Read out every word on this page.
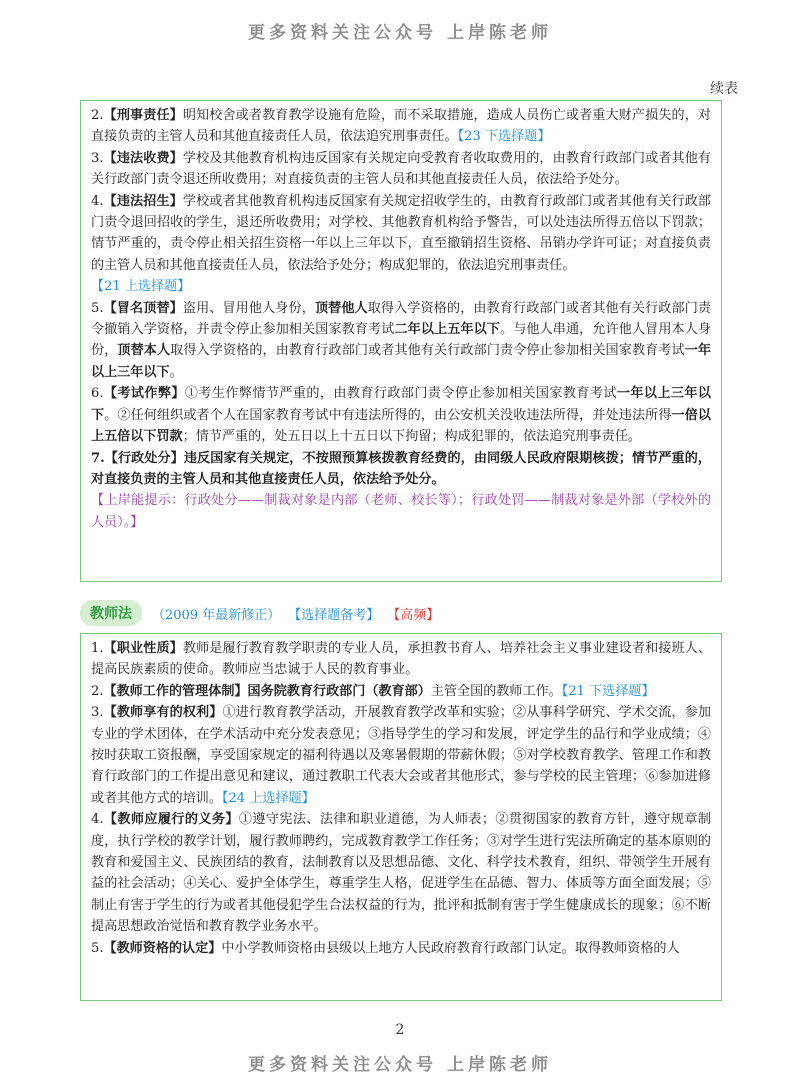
更多资料关注公众号 上岸陈老师
续表

2.【刑事责任】明知校舍或者教育教学设施有危险，而不采取措施，造成人员伤亡或者重大财产损失的，对直接负责的主管人员和其他直接责任人员，依法追究刑事责任。【23 下选择题】

3.【违法收费】学校及其他教育机构违反国家有关规定向受教育者收取费用的，由教育行政部门或者其他有关行政部门责令退还所收费用；对直接负责的主管人员和其他直接责任人员，依法给予处分。

4.【违法招生】学校或者其他教育机构违反国家有关规定招收学生的，由教育行政部门或者其他有关行政部门责令退回招收的学生，退还所收费用；对学校、其他教育机构给予警告，可以处违法所得五倍以下罚款；情节严重的，责令停止相关招生资格一年以上三年以下，直至撤销招生资格、吊销办学许可证；对直接负责的主管人员和其他直接责任人员，依法给予处分；构成犯罪的，依法追究刑事责任。
【21 上选择题】

5.【冒名顶替】盗用、冒用他人身份，顶替他人取得入学资格的，由教育行政部门或者其他有关行政部门责令撤销入学资格，并责令停止参加相关国家教育考试二年以上五年以下。与他人串通，允许他人冒用本人身份，顶替本人取得入学资格的，由教育行政部门或者其他有关行政部门责令停止参加相关国家教育考试一年以上三年以下。

6.【考试作弊】①考生作弊情节严重的，由教育行政部门责令停止参加相关国家教育考试一年以上三年以下。②任何组织或者个人在国家教育考试中有违法所得的，由公安机关没收违法所得，并处违法所得一倍以上五倍以下罚款；情节严重的，处五日以上十五日以下拘留；构成犯罪的，依法追究刑事责任。

7.【行政处分】违反国家有关规定，不按照预算核拨教育经费的，由同级人民政府限期核拨；情节严重的，对直接负责的主管人员和其他直接责任人员，依法给予处分。

【上岸能提示：行政处分——制裁对象是内部（老师、校长等）；行政处罚——制裁对象是外部（学校外的人员）。】

教师法	（2009 年最新修正） 【选择题备考】 【高频】

1.【职业性质】教师是履行教育教学职责的专业人员，承担教书育人、培养社会主义事业建设者和接班人、提高民族素质的使命。教师应当忠诚于人民的教育事业。

2.【教师工作的管理体制】国务院教育行政部门（教育部）主管全国的教师工作。【21 下选择题】

3.【教师享有的权利】①进行教育教学活动，开展教育教学改革和实验；②从事科学研究、学术交流，参加专业的学术团体，在学术活动中充分发表意见；③指导学生的学习和发展，评定学生的品行和学业成绩；④按时获取工资报酬，享受国家规定的福利待遇以及寒暑假期的带薪休假；⑤对学校教育教学、管理工作和教育行政部门的工作提出意见和建议，通过教职工代表大会或者其他形式，参与学校的民主管理；⑥参加进修或者其他方式的培训。【24 上选择题】

4.【教师应履行的义务】①遵守宪法、法律和职业道德，为人师表；②贯彻国家的教育方针，遵守规章制度，执行学校的教学计划，履行教师聘约，完成教育教学工作任务；③对学生进行宪法所确定的基本原则的教育和爱国主义、民族团结的教育，法制教育以及思想品德、文化、科学技术教育，组织、带领学生开展有益的社会活动；④关心、爱护全体学生，尊重学生人格，促进学生在品德、智力、体质等方面全面发展；⑤制止有害于学生的行为或者其他侵犯学生合法权益的行为，批评和抵制有害于学生健康成长的现象；⑥不断提高思想政治觉悟和教育教学业务水平。

5.【教师资格的认定】中小学教师资格由县级以上地方人民政府教育行政部门认定。取得教师资格的人

2
更多资料关注公众号 上岸陈老师
